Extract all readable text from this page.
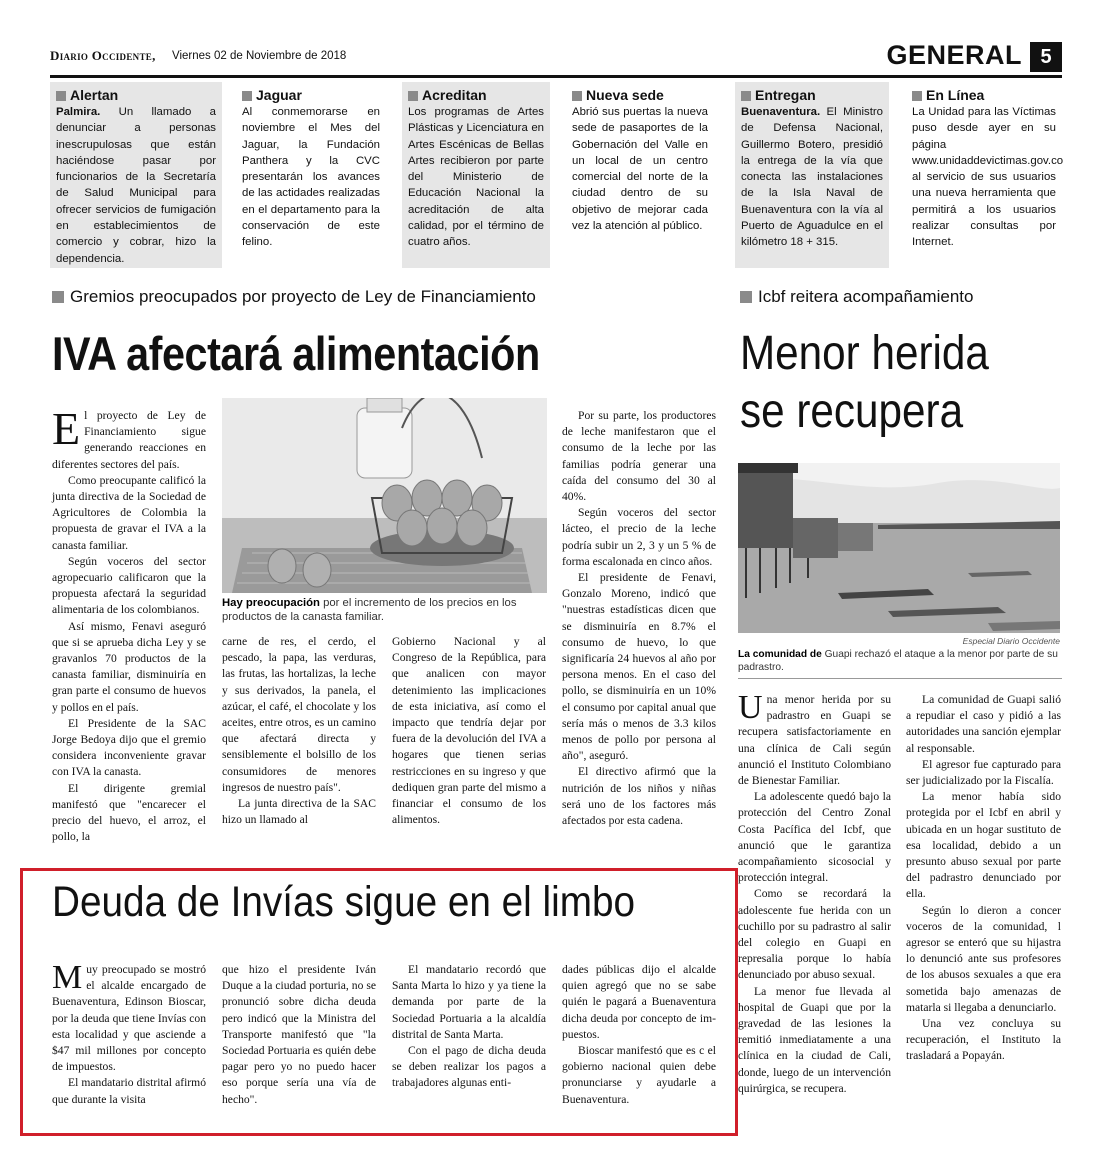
Diario Occidente, Viernes 02 de Noviembre de 2018	GENERAL 5
Alertan
Palmira. Un llamado a denunciar a personas inescrupulosas que están haciéndose pasar por funcionarios de la Secretaría de Salud Municipal para ofrecer servicios de fumigación en establecimientos de comercio y cobrar, hizo la dependencia.
Jaguar
Al conmemorarse en noviembre el Mes del Jaguar, la Fundación Panthera y la CVC presentarán los avances de las actidades realizadas en el departamento para la conservación de este felino.
Acreditan
Los programas de Artes Plásticas y Licenciatura en Artes Escénicas de Bellas Artes recibieron por parte del Ministerio de Educación Nacional la acreditación de alta calidad, por el término de cuatro años.
Nueva sede
Abrió sus puertas la nueva sede de pasaportes de la Gobernación del Valle en un local de un centro comercial del norte de la ciudad dentro de su objetivo de mejorar cada vez la atención al público.
Entregan
Buenaventura. El Ministro de Defensa Nacional, Guillermo Botero, presidió la entrega de la vía que conecta las instalaciones de la Isla Naval de Buenaventura con la vía al Puerto de Aguadulce en el kilómetro 18 + 315.
En Línea
La Unidad para las Víctimas puso desde ayer en su página www.unidaddevictimas.gov.co al servicio de sus usuarios una nueva herramienta que permitirá a los usuarios realizar consultas por Internet.
Gremios preocupados por proyecto de Ley de Financiamiento
IVA afectará alimentación

El proyecto de Ley de Financiamiento sigue generando reacciones en diferentes sectores del país.

Como preocupante calificó la junta directiva de la Sociedad de Agricultores de Colombia la propuesta de gravar el IVA a la canasta familiar.

Según voceros del sector agropecuario calificaron que la propuesta afectará la seguridad alimentaria de los colombianos.

Así mismo, Fenavi aseguró que si se aprueba dicha Ley y se gravanlos 70 productos de la canasta familiar, disminuiría en gran parte el consumo de huevos y pollos en el país.

El Presidente de la SAC Jorge Bedoya dijo que el gremio considera inconveniente gravar con IVA la canasta.

El dirigente gremial manifestó que "encarecer el precio del huevo, el arroz, el pollo, la

Hay preocupación por el incremento de los precios en los productos de la canasta familiar.

carne de res, el cerdo, el pescado, la papa, las verduras, las frutas, las hortalizas, la leche y sus derivados, la panela, el azúcar, el café, el chocolate y los aceites, entre otros, es un camino que afectará directa y sensiblemente el bolsillo de los consumidores de menores ingresos de nuestro país".

La junta directiva de la SAC hizo un llamado al

Gobierno Nacional y al Congreso de la República, para que analicen con mayor detenimiento las implicaciones de esta iniciativa, así como el impacto que tendría dejar por fuera de la devolución del IVA a hogares que tienen serias restricciones en su ingreso y que dediquen gran parte del mismo a financiar el consumo de los alimentos.

Por su parte, los productores de leche manifestaron que el consumo de la leche por las familias podría generar una caída del consumo del 30 al 40%.

Según voceros del sector lácteo, el precio de la leche podría subir un 2, 3 y un 5 % de forma escalonada en cinco años.

El presidente de Fenavi, Gonzalo Moreno, indicó que "nuestras estadísticas dicen que se disminuiría en 8.7% el consumo de huevo, lo que significaría 24 huevos al año por persona menos. En el caso del pollo, se disminuiría en un 10% el consumo por capital anual que sería más o menos de 3.3 kilos menos de pollo por persona al año", aseguró.

El directivo afirmó que la nutrición de los niños y niñas será uno de los factores más afectados por esta cadena.

Icbf reitera acompañamiento
Menor herida se recupera
Especial Diario Occidente
La comunidad de Guapi rechazó el ataque a la menor por parte de su padrastro.

Una menor herida por su padrastro en Guapi se recupera satisfactoriamente en una clínica de Cali según anunció el Instituto Colombiano de Bienestar Familiar.

La adolescente quedó bajo la protección del Centro Zonal Costa Pacífica del Icbf, que anunció que le garantiza acompañamiento sicosocial y protección integral.

Como se recordará la adolescente fue herida con un cuchillo por su padrastro al salir del colegio en Guapi en represalia porque lo había denunciado por abuso sexual.

La menor fue llevada al hospital de Guapi que por la gravedad de las lesiones la remitió inmediatamente a una clínica en la ciudad de Cali, donde, luego de un intervención quirúrgica, se recupera.

La comunidad de Guapi salió a repudiar el caso y pidió a las autoridades una sanción ejemplar al responsable.

El agresor fue capturado para ser judicializado por la Fiscalía.

La menor había sido protegida por el Icbf en abril y ubicada en un hogar sustituto de esa localidad, debido a un presunto abuso sexual por parte del padrastro denunciado por ella.

Según lo dieron a concer voceros de la comunidad, l agresor se enteró que su hijastra lo denunció ante sus profesores de los abusos sexuales a que era sometida bajo amenazas de matarla si llegaba a denunciarlo.

Una vez concluya su recuperación, el Instituto la trasladará a Popayán.

Deuda de Invías sigue en el limbo

Muy preocupado se mostró el alcalde encargado de Buenaventura, Edinson Bioscar, por la deuda que tiene Invías con esta localidad y que asciende a $47 mil millones por concepto de impuestos.

El mandatario distrital afirmó que durante la visita

que hizo el presidente Iván Duque a la ciudad porturia, no se pronunció sobre dicha deuda pero indicó que la Ministra del Transporte manifestó que "la Sociedad Portuaria es quién debe pagar pero yo no puedo hacer eso porque sería una vía de hecho".

El mandatario recordó que Santa Marta lo hizo y ya tiene la demanda por parte de la Sociedad Portuaria a la alcaldía distrital de Santa Marta.

Con el pago de dicha deuda se deben realizar los pagos a trabajadores algunas enti-

dades públicas dijo el alcalde quien agregó que no se sabe quién le pagará a Buenaventura dicha deuda por concepto de im-puestos.

Bioscar manifestó que es c el gobierno nacional quien debe pronunciarse y ayudarle a Buenaventura.
